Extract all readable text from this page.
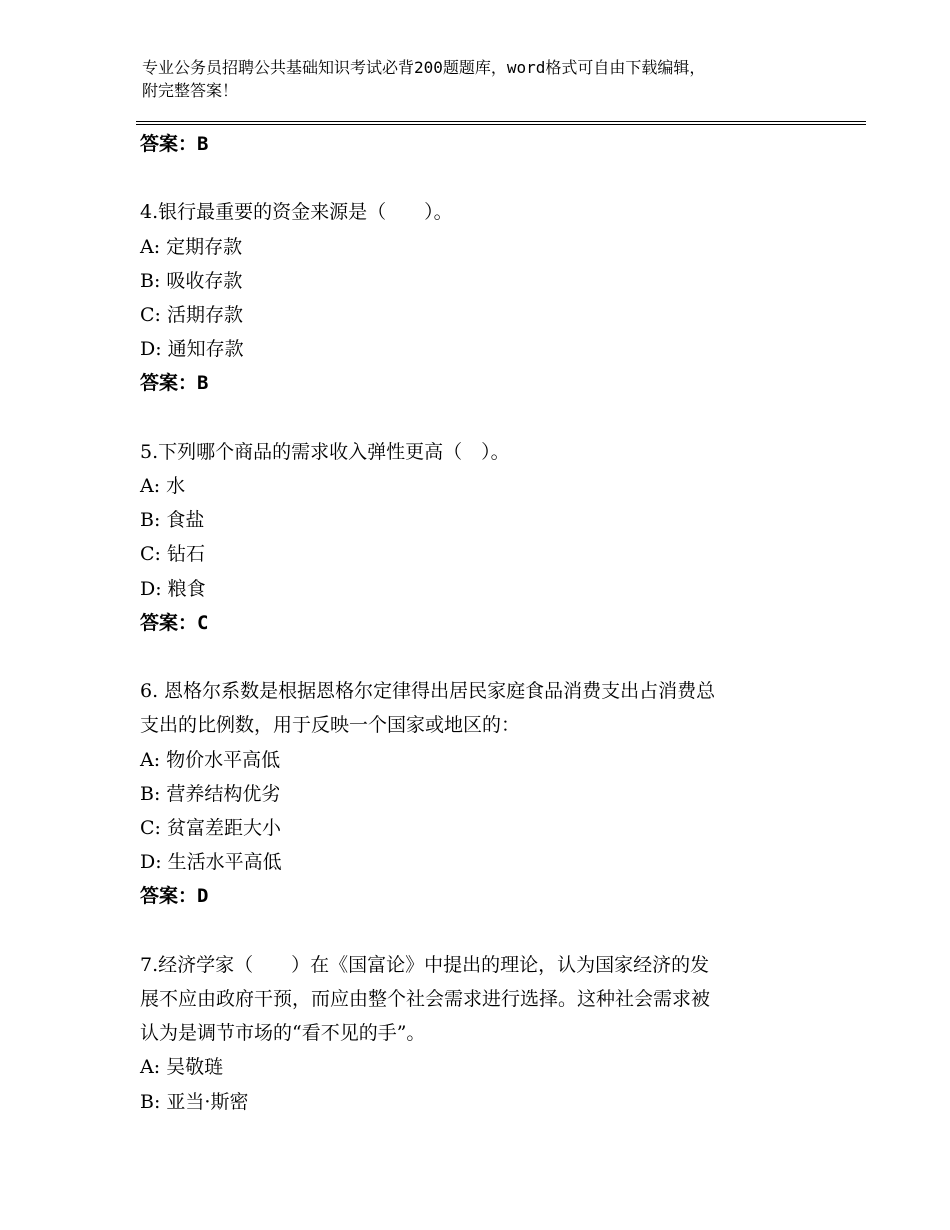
专业公务员招聘公共基础知识考试必背200题题库，word格式可自由下载编辑，
附完整答案！
答案：B
4.银行最重要的资金来源是（　　）。
A: 定期存款
B: 吸收存款
C: 活期存款
D: 通知存款
答案：B
5.下列哪个商品的需求收入弹性更高（　）。
A: 水
B: 食盐
C: 钻石
D: 粮食
答案：C
6. 恩格尔系数是根据恩格尔定律得出居民家庭食品消费支出占消费总
支出的比例数，用于反映一个国家或地区的：
A: 物价水平高低
B: 营养结构优劣
C: 贫富差距大小
D: 生活水平高低
答案：D
7.经济学家（　　）在《国富论》中提出的理论，认为国家经济的发
展不应由政府干预，而应由整个社会需求进行选择。这种社会需求被
认为是调节市场的“看不见的手”。
A: 吴敬琏
B: 亚当·斯密
